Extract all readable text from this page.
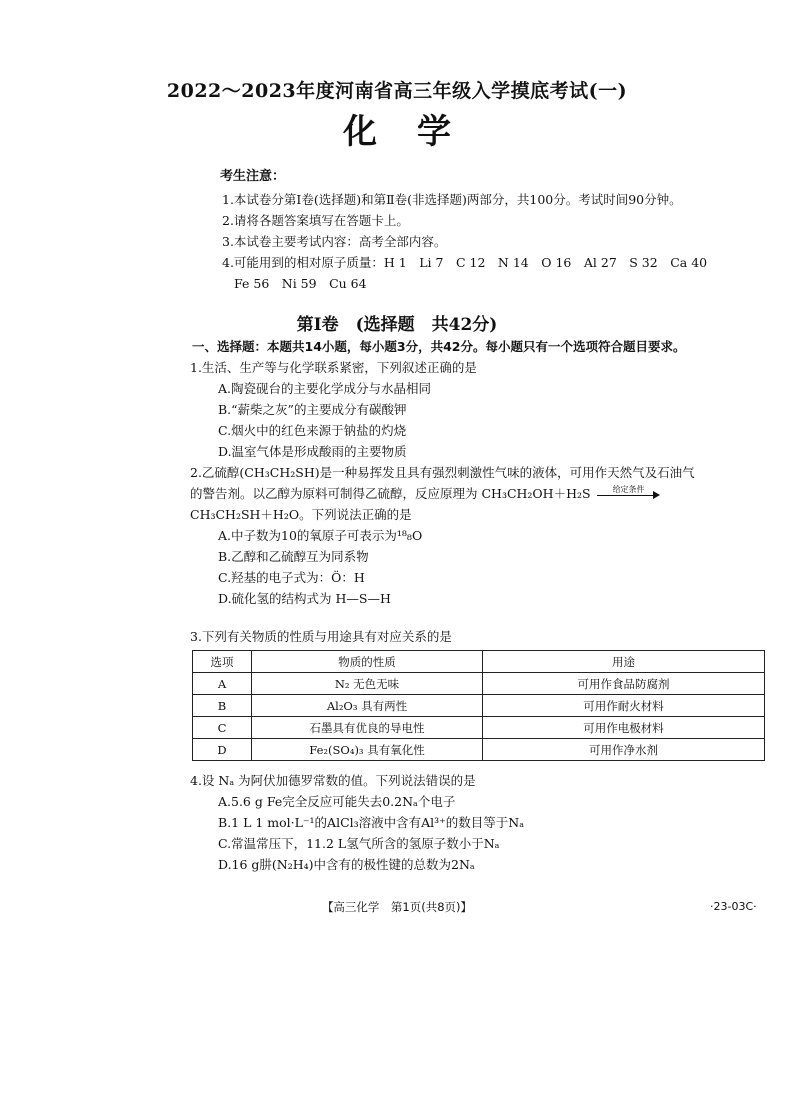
2022～2023年度河南省高三年级入学摸底考试(一)
化学
考生注意：
1.本试卷分第Ⅰ卷(选择题)和第Ⅱ卷(非选择题)两部分，共100分。考试时间90分钟。
2.请将各题答案填写在答题卡上。
3.本试卷主要考试内容：高考全部内容。
4.可能用到的相对原子质量：H 1　Li 7　C 12　N 14　O 16　Al 27　S 32　Ca 40
Fe 56　Ni 59　Cu 64
第Ⅰ卷　(选择题　共42分)
一、选择题：本题共14小题，每小题3分，共42分。每小题只有一个选项符合题目要求。
1.生活、生产等与化学联系紧密，下列叙述正确的是
A.陶瓷砚台的主要化学成分与水晶相同
B.“薪柴之灰”的主要成分有碳酸钾
C.烟火中的红色来源于钠盐的灼烧
D.温室气体是形成酸雨的主要物质
2.乙硫醇(CH₃CH₂SH)是一种易挥发且具有强烈刺激性气味的液体，可用作天然气及石油气
的警告剂。以乙醇为原料可制得乙硫醇，反应原理为 CH₃CH₂OH＋H₂S	给定条件
CH₃CH₂SH＋H₂O。下列说法正确的是
A.中子数为10的氧原子可表示为¹⁸₈O
B.乙醇和乙硫醇互为同系物
C.羟基的电子式为：Ö：H
D.硫化氢的结构式为 H—S—H
3.下列有关物质的性质与用途具有对应关系的是
选项	物质的性质	用途
A	N₂ 无色无味	可用作食品防腐剂
B	Al₂O₃ 具有两性	可用作耐火材料
C	石墨具有优良的导电性	可用作电极材料
D	Fe₂(SO₄)₃ 具有氧化性	可用作净水剂
4.设 Nₐ 为阿伏加德罗常数的值。下列说法错误的是
A.5.6 g Fe完全反应可能失去0.2Nₐ个电子
B.1 L 1 mol·L⁻¹的AlCl₃溶液中含有Al³⁺的数目等于Nₐ
C.常温常压下，11.2 L氢气所含的氢原子数小于Nₐ
D.16 g肼(N₂H₄)中含有的极性键的总数为2Nₐ
【高三化学　第1页(共8页)】	·23-03C·
